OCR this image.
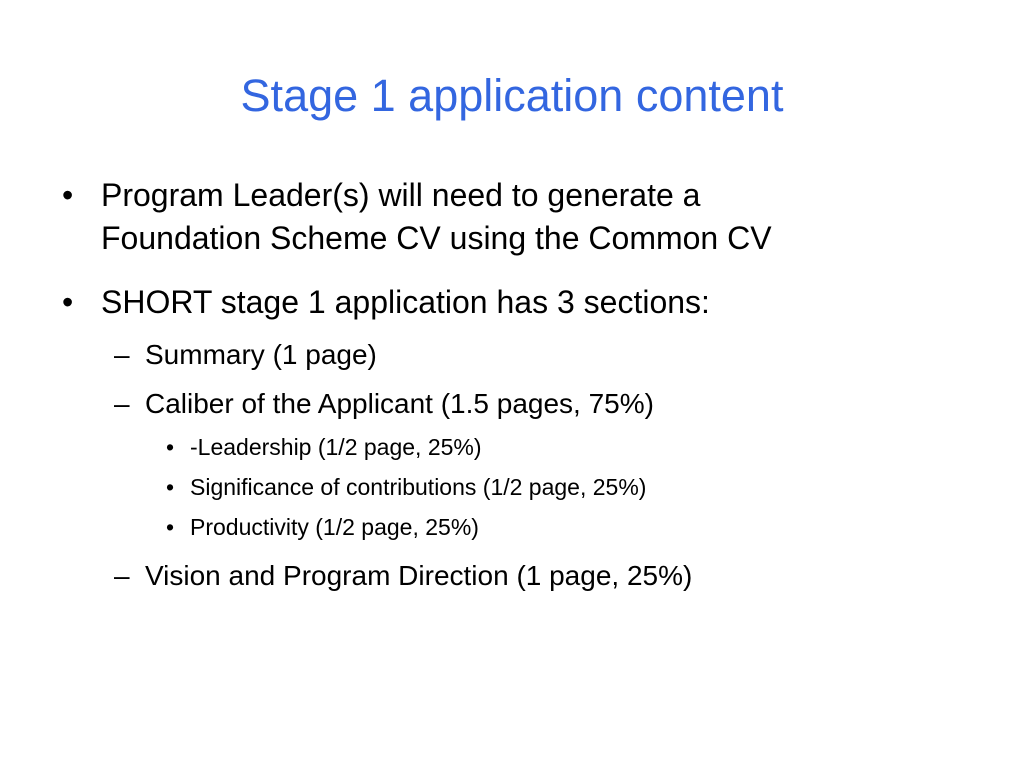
Stage 1 application content
• Program Leader(s) will need to generate a
Foundation Scheme CV using the Common CV
• SHORT stage 1 application has 3 sections:
– Summary (1 page)
– Caliber of the Applicant (1.5 pages, 75%)
• -Leadership (1/2 page, 25%)
• Significance of contributions (1/2 page, 25%)
• Productivity (1/2 page, 25%)
– Vision and Program Direction (1 page, 25%)
